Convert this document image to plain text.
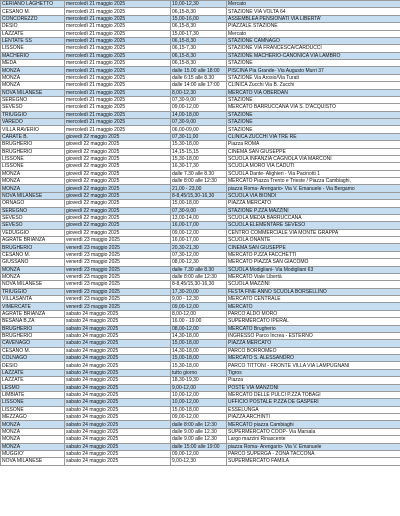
CERIANO LAGHETTO	mercoledì 21 maggio 2025	10,00-12,30	Mercato
CESANO M.	mercoledì 21 maggio 2025	06,15-8,30	STAZIONE VIA VOLTA 64
CONCOREZZO	mercoledì 21 maggio 2025	15,00-16,00	ASSEMBLEA PENSIONATI VIA LIBERTA'
DESIO	mercoledì 21 maggio 2025	06,15-8,30	PIAZZALE STAZIONE
LAZZATE	mercoledì 21 maggio 2025	15,00-17,30	Mercato
LENTATE SS	mercoledì 21 maggio 2025	06,15-8,30	STAZIONE CAMNAGO
LISSONE	mercoledì 21 maggio 2025	06,15-7,30	STAZIONE VIA FRANCESCA/CARDUCCI
MACHERIO	mercoledì 21 maggio 2025	06,15-8,30	STAZIONE MACHERIO-CANONICA VIA LAMBRO
MEDA	mercoledì 21 maggio 2025	06,15-8,30	STAZIONE
MONZA	mercoledì 21 maggio 2025	dalle 15.00 alle 18:00	PISCINA Pia Grande- Via Augusto Murri 37
MONZA	mercoledì 21 maggio 2025	dalle 6:15 alle 8.30	STAZIONE Via Arosio/Via Turati
MONZA	mercoledì 21 maggio 2025	dalle 14:00 alle 17:00	CLINICA Zucchi Via B. Zucchi
NOVA MILANESE	mercoledì 21 maggio 2025	8,00-12,30	MERCATO VIA OBERDAN
SEREGNO	mercoledì 21 maggio 2025	07,30-9,00	STAZIONE
SEVESO	mercoledì 21 maggio 2025	09,00-12,00	MERCATO BARRUCCANA VIA S. D'ACQUISTO
TRIUGGIO	mercoledì 21 maggio 2025	14,00-18,00	STAZIONE
VAREDO	mercoledì 21 maggio 2025	07,30-9,00	STAZIONE
VILLA RAVERIO	mercoledì 21 maggio 2025	06,00-09,00	STAZIONE
CARATE B.	giovedì 22 maggio 2025	07,30-11,00	CLINICA ZUCCHI VIA TRE RE
BRUGHERIO	giovedì 22 maggio 2025	15,30-18,00	Piazza ROMA
BRUGHERIO	giovedì 22 maggio 2025	14,15-15,15	CINEMA SAN GIUSEPPE
LISSONE	giovedì 22 maggio 2025	15,30-18,00	SCUOLA INFANZIA CAGNOLA VIA MARCONI
LISSONE	giovedì 22 maggio 2025	16,30-17,30	SCUOLA MORO VIA CADUTI
MONZA	giovedì 22 maggio 2025	dalle 7.30 alle 8.30	SCUOLA Dante- Alighieri - Via Pacinotti 1
MONZA	giovedì 22 maggio 2025	dalle 8:00 alle 12:30	MERCATO Piazza Trento e Trieste / Piazza Cambiaghi,
MONZA	giovedì 22 maggio 2025	21,00 - 23,00	piazza Roma- Arengario- Via V. Emanuele - Via Bergamo
NOVA MILANESE	giovedì 22 maggio 2025	8-8,45/15,30-16,30	SCUOLA VIA BIONDI
ORNAGO	giovedì 22 maggio 2025	15,00-18,00	PIAZZA MERCATO
SEREGNO	giovedì 22 maggio 2025	07,30-9,00	STAZIONE P.ZZA MAZZINI
SEVESO	giovedì 22 maggio 2025	13,00-14,00	SCUOLA MEDIA BARRUCCANA
SEVESO	giovedì 22 maggio 2025	16,00-17,00	SCUOLA ELEMENTARE SEVESO
VEDUGGIO	giovedì 22 maggio 2025	09,00-12,00	CENTRO COMMERCIALE VIA MONTE GRAPPA
AGRATE BRIANZA	venerdì 23 maggio 2025	16,00-17,00	SCUOLA ONANTE
BRUGHERIO	venerdì 23 maggio 2025	20,30-21,30	CINEMA SAN GIUSEPPE
CESANO M.	venerdì 23 maggio 2025	07,30-12,00	MERCATO P.ZZA FACCHETTI
GIUSSANO	venerdì 23 maggio 2025	08,00-12,30	MERCATO PIAZZA SAN GIACOMO
MONZA	venerdì 23 maggio 2025	dalle 7.30 alle 8.30	SCUOLA Modigliani- Via Modigliani 63
MONZA	venerdì 23 maggio 2025	dalle 8:00 alle 12:30	MERCATO Viale Libertà
NOVA MILANESE	venerdì 23 maggio 2025	8-8,45/15,30-16,30	SCUOLA MAZZINI
TRIUGGIO	venerdì 23 maggio 2025	17,30-20,00	FESTA FINE ANNO SCUOLA BORSELLINO
VILLASANTA	venerdì 23 maggio 2025	9,00 - 12,30	MERCATO CENTRALE
VIMERCATE	venerdì 23 maggio 2025	09,00-12,00	MERCATO
AGRATE BRIANZA	sabato 24 maggio 2025	8,00-12,00	PARCO ALDO MORO
BESANA B.ZA	sabato 24 maggio 2025	16.00 - 19.00	SUPERMERCATO IPERAL
BRUGHERIO	sabato 24 maggio 2025	08,00-12,00	MERCATO Brugherio
BRUGHERIO	sabato 24 maggio 2025	14,30-18,00	INGRESSO Parco Increa - ESTERNO
CAVENAGO	sabato 24 maggio 2025	15,00-18,00	PIAZZA MERCATO
CESANO M.	sabato 24 maggio 2025	14,30-18,00	PARCO BORROMEO
COLNAGO	sabato 24 maggio 2025	15,00-18,00	MERCATO S. ALESSANDRO
DESIO	sabato 24 maggio 2025	15,30-18,00	PARCO TITTONI - FRONTE VILLA VIA LAMPUGNANI
LAZZATE	sabato 24 maggio 2025	tutto giorno	Tigros
LAZZATE	sabato 24 maggio 2025	18,30-19,30	Piazza
LESMO	sabato 24 maggio 2025	9,00-12,00	POSTE VIA MANZONI
LIMBIATE	sabato 24 maggio 2025	10,00-12,00	MERCATO DELLE PULCI P.ZZA TOBAGI
LISSONE	sabato 24 maggio 2025	10,00-12,00	UFFICIO POSTALE P.ZZA DE GASPERI
LISSONE	sabato 24 maggio 2025	15,00-18,00	ESSELUNGA
MEZZAGO	sabato 24 maggio 2025	09,00-12,00	PIAZZA ARCHINTI
MONZA	sabato 24 maggio 2025	dalle 8:00 alle 12:30	MERCATO piazza Cambiaghi
MONZA	sabato 24 maggio 2025	dalle 9.00 alle 12.30	SUPERMERCATO COOP- Via Marsala
MONZA	sabato 24 maggio 2025	dalle 9.00 alle 12.30	Largo mazzini Rinascente
MONZA	sabato 24 maggio 2025	dalle 15:00 alle 19:00	piazza Roma- Arengario- Via V. Emanuele
MUGGIO'	sabato 24 maggio 2025	09,00-12,00	PARCO SUPERGA - ZONA TACCONA
NOVA MILANESE	sabato 24 maggio 2025	9,00-12,30	SUPERMERCATO FAMILA
